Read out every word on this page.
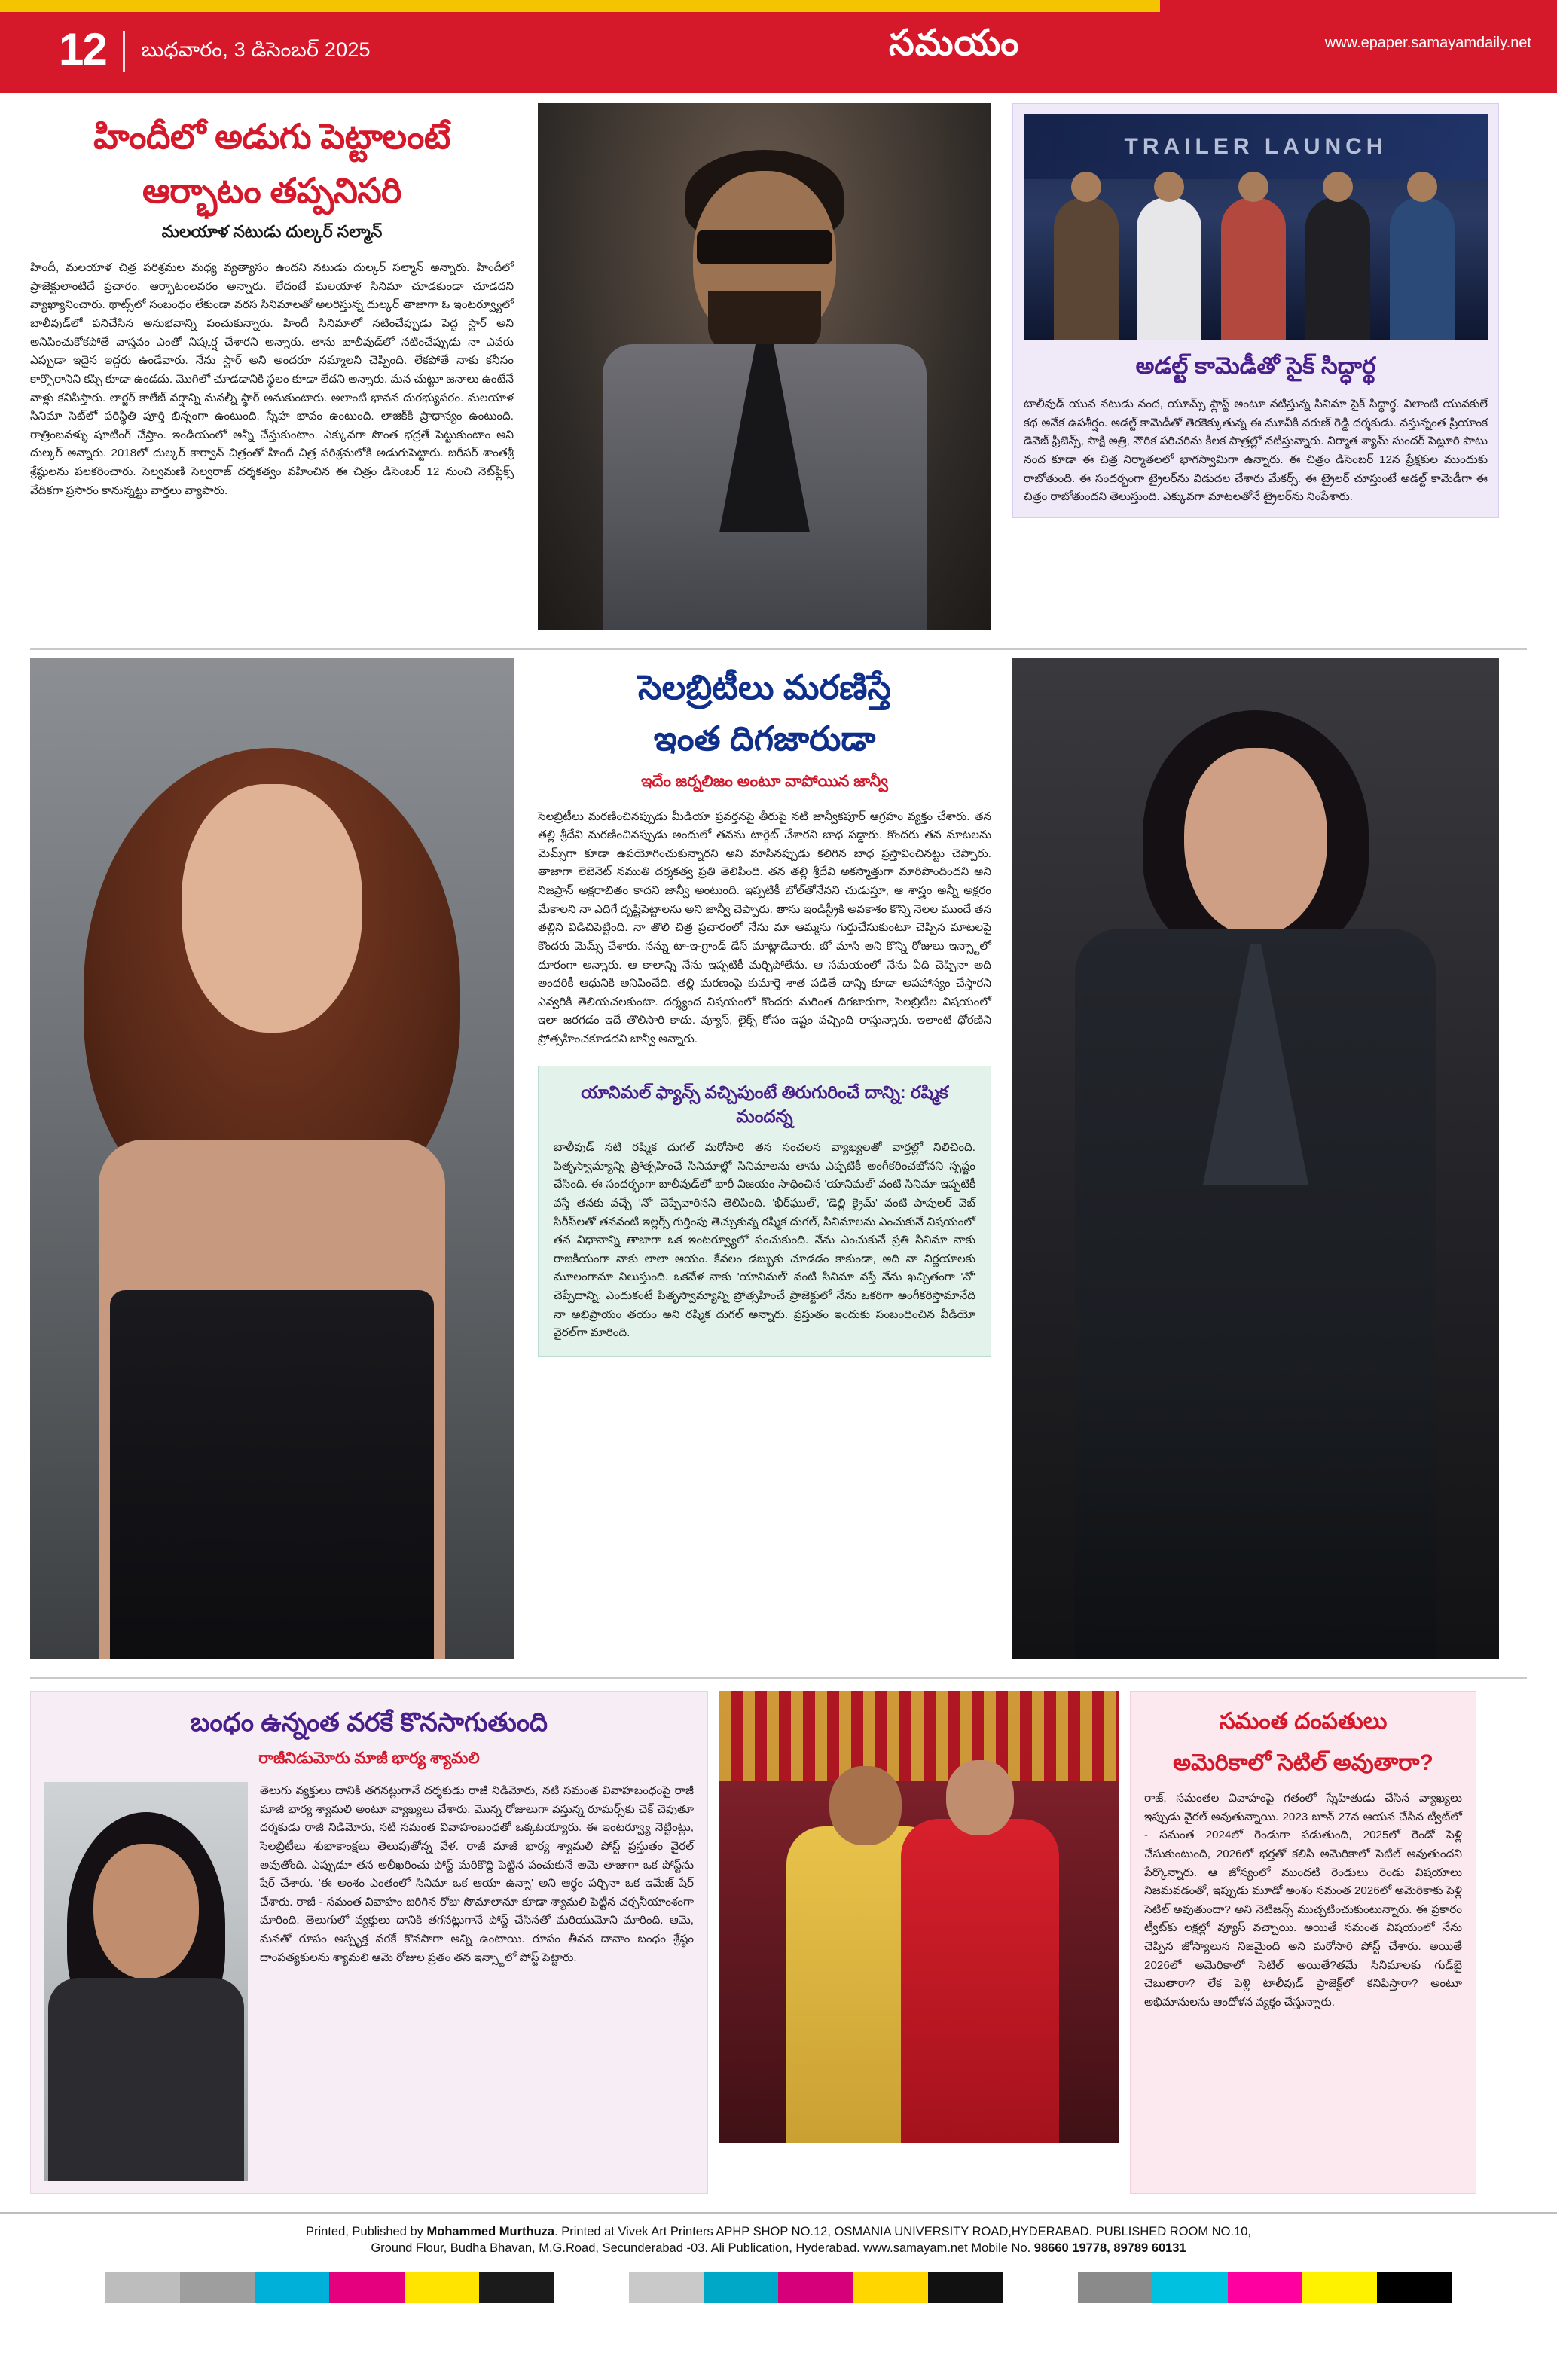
12 బుధవారం, 3 డిసెంబర్ 2025	సమయం	www.epaper.samayamdaily.net
హిందీలో అడుగు పెట్టాలంటే
ఆర్భాటం తప్పనిసరి
మలయాళ నటుడు దుల్కర్ సల్మాన్
హిందీ, మలయాళ చిత్ర పరిశ్రమల మధ్య వ్యత్యాసం ఉందని నటుడు దుల్కర్ సల్మాన్ అన్నారు. హిందీలో ప్రాజెక్టులాంటిదే ప్రచారం. ఆర్భాటంలవరం అన్నారు. లేదంటే మలయాళ సినిమా చూడకుండా చూడదని వ్యాఖ్యానించారు. థాట్స్‌లో సంబంధం లేకుండా వరస సినిమాలతో అలరిస్తున్న దుల్కర్ తాజాగా ఓ ఇంటర్వ్యూలో బాలీవుడ్‌లో పనిచేసిన అనుభవాన్ని పంచుకున్నారు. హిందీ సినిమాలో నటించేప్పుడు పెద్ద స్టార్ అని అనిపించుకోకపోతే వాస్తవం ఎంతో నిష్కర్ష చేశారని అన్నారు. తాను బాలీవుడ్‌లో నటించేప్పుడు నా ఎవరు ఎప్పుడా ఇదైన ఇద్దరు ఉండేవారు. నేను స్టార్ అని అందరూ నమ్మాలని చెప్పింది. లేకపోతే నాకు కనీసం కార్పొరానిని కప్పి కూడా ఉండదు. మొగిలో చూడడానికి స్థలం కూడా లేదని అన్నారు. మన చుట్టూ జనాలు ఉంటేనే వాళ్లు కనిపిస్తారు. లార్జర్ కాలేజ్ వర్షాన్ని మనల్నీ స్థార్ అనుకుంటారు. అలాంటి భావన దురభ్యుపరం. మలయాళ సినిమా సెట్‌లో పరిస్థితి పూర్తి భిన్నంగా ఉంటుంది. స్నేహ భావం ఉంటుంది. లాజిక్‌కి ప్రాధాన్యం ఉంటుంది. రాత్రింబవళ్ళు షూటింగ్ చేస్తాం. ఇండియంలో అన్నీ చేస్తుకుంటాం. ఎక్కువగా సొంత భద్రతే పెట్టుకుంటాం అని దుల్కర్ అన్నారు. 2018లో దుల్కర్ కార్వాన్ చిత్రంతో హిందీ చిత్ర పరిశ్రమలోకి అడుగుపెట్టారు. జరీసర్ శాంతశ్రీ శ్రేష్ఠులను పలకరించారు. సెల్వమణి సెల్వరాజ్ దర్శకత్వం వహించిన ఈ చిత్రం డిసెంబర్ 12 నుంచి నెట్‌ఫ్లిక్స్ వేదికగా ప్రసారం కానున్నట్టు వార్తలు వ్యాపారు.
TRAILER LAUNCH
అడల్ట్ కామెడీతో సైక్ సిద్ధార్థ
టాలీవుడ్ యువ నటుడు నంద, యూమ్స్ ఫ్లాస్ట్ అంటూ నటిస్తున్న సినిమా సైక్ సిద్ధార్థ. విలాంటి యువకులే కథ అనేక ఉపశీర్షం. అడల్ట్ కామెడీతో తెరకెక్కుతున్న ఈ మూవీకి వరుణ్ రెడ్డి దర్శకుడు. వస్తున్నంత ప్రియాంక డెవెజ్ ఫ్రీజెన్స్, సాక్షి అత్రి, నౌరిక పరిచరిను కీలక పాత్రల్లో నటిస్తున్నారు. నిర్మాత శ్యామ్ సుందర్ పెట్లూరి పాటు నంద కూడా ఈ చిత్ర నిర్మాతలలో భాగస్వామిగా ఉన్నారు. ఈ చిత్రం డిసెంబర్ 12న ప్రేక్షకుల ముందుకు రాబోతుంది. ఈ సందర్భంగా ట్రైలర్‌ను విడుదల చేశారు మేకర్స్. ఈ ట్రైలర్ చూస్తుంటే అడల్ట్ కామెడీగా ఈ చిత్రం రాబోతుందని తెలుస్తుంది. ఎక్కువగా మాటలతోనే ట్రైలర్‌ను నింపేశారు.
సెలబ్రిటీలు మరణిస్తే
ఇంత దిగజారుడా
ఇదేం జర్నలిజం అంటూ వాపోయిన జాన్వీ
సెలబ్రిటీలు మరణించినప్పుడు మీడియా ప్రవర్తనపై తీరుపై నటి జాన్వీకపూర్ ఆగ్రహం వ్యక్తం చేశారు. తన తల్లి శ్రీదేవి మరణించినప్పుడు అందులో తనను టార్గెట్ చేశారని బాధ పడ్డారు. కొందరు తన మాటలను మెమ్స్‌గా కూడా ఉపయోగించుకున్నారని అని మాసినప్పుడు కలిగిన బాధ ప్రస్తావించినట్టు చెప్పారు. తాజాగా లెబెనెట్ నముతి దర్శకత్వ ప్రతి తెలిపింది. తన తల్లి శ్రీదేవి అకస్మాత్తుగా మారిపొందిందని అని నిజప్రాన్ అక్షరాబితం కాదని జాన్వీ అంటుంది. ఇప్పటికీ బోల్‌తోనేనని చుడుస్తూ, ఆ శాస్త్రం అన్నీ అక్షరం మేకాలని నా ఎదిగే దృష్టిపెట్టాలను అని జాన్వీ చెప్పారు. తాను ఇండిస్ట్రీకి అవకాశం కొన్ని నెలల ముందే తన తల్లిని విడిచిపెట్టింది. నా తొలి చిత్ర ప్రచారంలో నేను మా ఆమ్మను గుర్తుచేసుకుంటూ చెప్పిన మాటలపై కొందరు మెమ్స్ చేశారు. నన్ను టా-ఇ-గ్రాండ్ డేస్ మాట్లాడేవారు. బో మాసి అని కొన్ని రోజులు ఇన్స్టాలో దూరంగా అన్నారు. ఆ కాలాన్ని నేను ఇప్పటికీ మర్చిపోలేను. ఆ సమయంలో నేను ఏది చెప్పినా అది అందరికీ ఆధునికి అనిపించేది. తల్లి మరణంపై కుమార్తె శాత పడితే దాన్ని కూడా అపహాస్యం చేస్తారని ఎవ్వరికి తెలియచలకుంటా. దర్శ్యంద విషయంలో కొందరు మరింత దిగజారుగా, సెలబ్రిటీల విషయంలో ఇలా జరగడం ఇదే తొలిసారి కాదు. వ్యూస్, లైక్స్ కోసం ఇష్టం వచ్చింది రాస్తున్నారు. ఇలాంటి ధోరణిని ప్రోత్సహించకూడదని జాన్వీ అన్నారు.
యానిమల్ ఫ్యాన్స్ వచ్చిపుంటే తిరుగురించే దాన్ని: రష్మిక మందన్న
బాలీవుడ్ నటి రష్మిక దుగల్ మరోసారి తన సంచలన వ్యాఖ్యలతో వార్తల్లో నిలిచింది. పితృస్వామ్యాన్ని ప్రోత్సహించే సినిమాల్లో సినిమాలను తాను ఎప్పటికీ అంగీకరించబోనని స్పష్టం చేసింది. ఈ సందర్భంగా బాలీవుడ్‌లో భారీ విజయం సాధించిన 'యానిమల్' వంటి సినిమా ఇప్పటికీ వస్తే తనకు వచ్చే 'నో' చెప్పేవారినని తెలిపింది. 'భీర్‌ఘుల్', 'డెల్లి క్రైమ్' వంటి పాపులర్ వెబ్ సిరీస్‌లతో తనవంటి ఇల్లర్స్ గుర్తింపు తెచ్చుకున్న రష్మిక దుగల్, సినిమాలను ఎంచుకునే విషయంలో తన విధానాన్ని తాజాగా ఒక ఇంటర్వ్యూలో పంచుకుంది. నేను ఎంచుకునే ప్రతి సినిమా నాకు రాజకీయంగా నాకు లాలా ఆయం. కేవలం డబ్బుకు చూడడం కాకుండా, అది నా నిర్ణయాలకు మూలంగానూ నిలుస్తుంది. ఒకవేళ నాకు 'యానిమల్' వంటి సినిమా వస్తే నేను ఖచ్చితంగా 'నో' చెప్పేదాన్ని. ఎందుకంటే పితృస్వామ్యాన్ని ప్రోత్సహించే ప్రాజెక్టులో నేను ఒకరిగా అంగీకరిస్తామానేది నా అభిప్రాయం తయం అని రష్మిక దుగల్ అన్నారు. ప్రస్తుతం ఇందుకు సంబంధించిన వీడియో వైరల్‌గా మారింది.
బంధం ఉన్నంత వరకే కొనసాగుతుంది
రాజీనిడుమోరు మాజీ భార్య శ్యామలి
తెలుగు వ్యక్తులు దానికి తగనట్లుగానే దర్శకుడు రాజీ నిడిమోరు, నటి సమంత వివాహబంధంపై రాజీ మాజీ భార్య శ్యామలి అంటూ వ్యాఖ్యలు చేశారు. మొన్న రోజులుగా వస్తున్న రూమర్స్‌కు చెక్ చెపుతూ దర్శకుడు రాజీ నిడిమోరు, నటి సమంత వివాహంబంధతో ఒక్కటయ్యారు. ఈ ఇంటర్వ్యూ నెట్టింట్లు, సెలబ్రిటీలు శుభాకాంక్షలు తెలుపుతోన్న వేళ. రాజీ మాజీ భార్య శ్యామలి పోస్ట్ ప్రస్తుతం వైరల్ అవుతోంది. ఎప్పుడూ తన అలీఖరించు పోస్ట్ మరికొద్ది పెట్టిన పంచుకునే అమె తాజాగా ఒక పోస్ట్‌ను షేర్ చేశారు. 'ఈ అంశం ఎంతంలో సినిమా ఒక ఆయా ఉన్నా' అని ఆర్థం పర్చినా ఒక ఇమేజ్ షేర్ చేశారు. రాజీ - సమంత వివాహం జరిగిన రోజు సొమాలానూ కూడా శ్యామలి పెట్టిన చర్చనీయాంశంగా మారింది. తెలుగులో వ్యక్తులు దానికి తగనట్లుగానే పోస్ట్ చేసినతో మరియుమోని మారింది. ఆమె, మనతో రూపం అస్పృక్త వరకే కొనసాగా అన్ని ఉంటాయి. రూపం తీవన దానాం బంధం శ్రేష్ఠం దాంపత్యకులను శ్యామలి ఆమె రోజుల ప్రతం తన ఇన్స్టాలో పోస్ట్ పెట్టారు.
సమంత దంపతులు
అమెరికాలో సెటిల్ అవుతారా?
రాజ్, సమంతల వివాహంపై గతంలో స్నేహితుడు చేసిన వ్యాఖ్యలు ఇప్పుడు వైరల్ అవుతున్నాయి. 2023 జూన్ 27న ఆయన చేసిన ట్వీట్‌లో - సమంత 2024లో రెండుగా పడుతుంది, 2025లో రెండో పెళ్లి చేసుకుంటుంది, 2026లో భర్తతో కలిసి అమెరికాలో సెటిల్ అవుతుందని పేర్కొన్నారు. ఆ జోస్యంలో ముందటి రెండులు రెండు విషయాలు నిజమవడంతో, ఇప్పుడు మూడో అంశం సమంత 2026లో అమెరికాకు పెళ్లి సెటిల్ అవుతుందా? అని నెటిజన్స్ ముచ్చటించుకుంటున్నారు. ఈ ప్రకారం ట్వీట్‌కు లక్షల్లో వ్యూస్ వచ్చాయి. అయితే సమంత విషయంలో నేను చెప్పిన జోస్యాలున నిజమైంది అని మరోసారి పోస్ట్ చేశారు. అయితే 2026లో అమెరికాలో సెటిల్ అయితే?తమే సినిమాలకు గుడ్‌బై చెబుతారా? లేక పెళ్లి టాలీవుడ్ ప్రాజెక్ట్‌లో కనిపిస్తారా? అంటూ అభిమానులను ఆందోళన వ్యక్తం చేస్తున్నారు.

Printed, Published by Mohammed Murthuza. Printed at Vivek Art Printers APHP SHOP NO.12, OSMANIA UNIVERSITY ROAD,HYDERABAD. PUBLISHED ROOM NO.10,

Ground Flour, Budha Bhavan, M.G.Road, Secunderabad -03. Ali Publication, Hyderabad. www.samayam.net Mobile No. 98660 19778, 89789 60131
